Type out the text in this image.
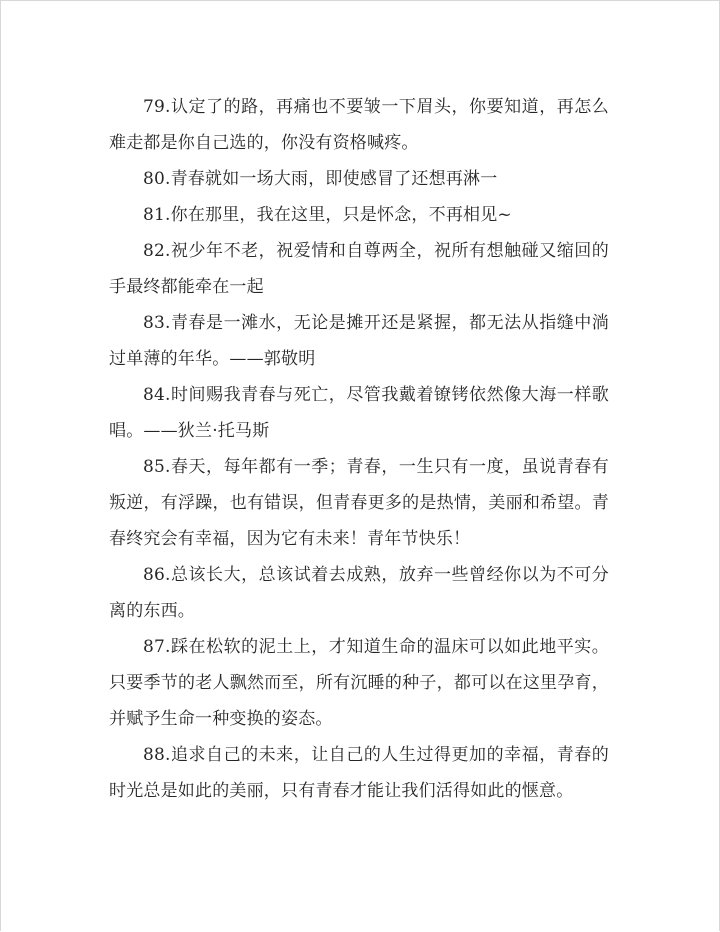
79.认定了的路，再痛也不要皱一下眉头，你要知道，再怎么难走都是你自己选的，你没有资格喊疼。

80.青春就如一场大雨，即使感冒了还想再淋一

81.你在那里，我在这里，只是怀念，不再相见~

82.祝少年不老，祝爱情和自尊两全，祝所有想触碰又缩回的手最终都能牵在一起

83.青春是一滩水，无论是摊开还是紧握，都无法从指缝中淌过单薄的年华。——郭敬明

84.时间赐我青春与死亡，尽管我戴着镣铐依然像大海一样歌唱。——狄兰·托马斯

85.春天，每年都有一季；青春，一生只有一度，虽说青春有叛逆，有浮躁，也有错误，但青春更多的是热情，美丽和希望。青春终究会有幸福，因为它有未来！青年节快乐！

86.总该长大，总该试着去成熟，放弃一些曾经你以为不可分离的东西。

87.踩在松软的泥土上，才知道生命的温床可以如此地平实。只要季节的老人飘然而至，所有沉睡的种子，都可以在这里孕育，并赋予生命一种变换的姿态。

88.追求自己的未来，让自己的人生过得更加的幸福，青春的时光总是如此的美丽，只有青春才能让我们活得如此的惬意。
